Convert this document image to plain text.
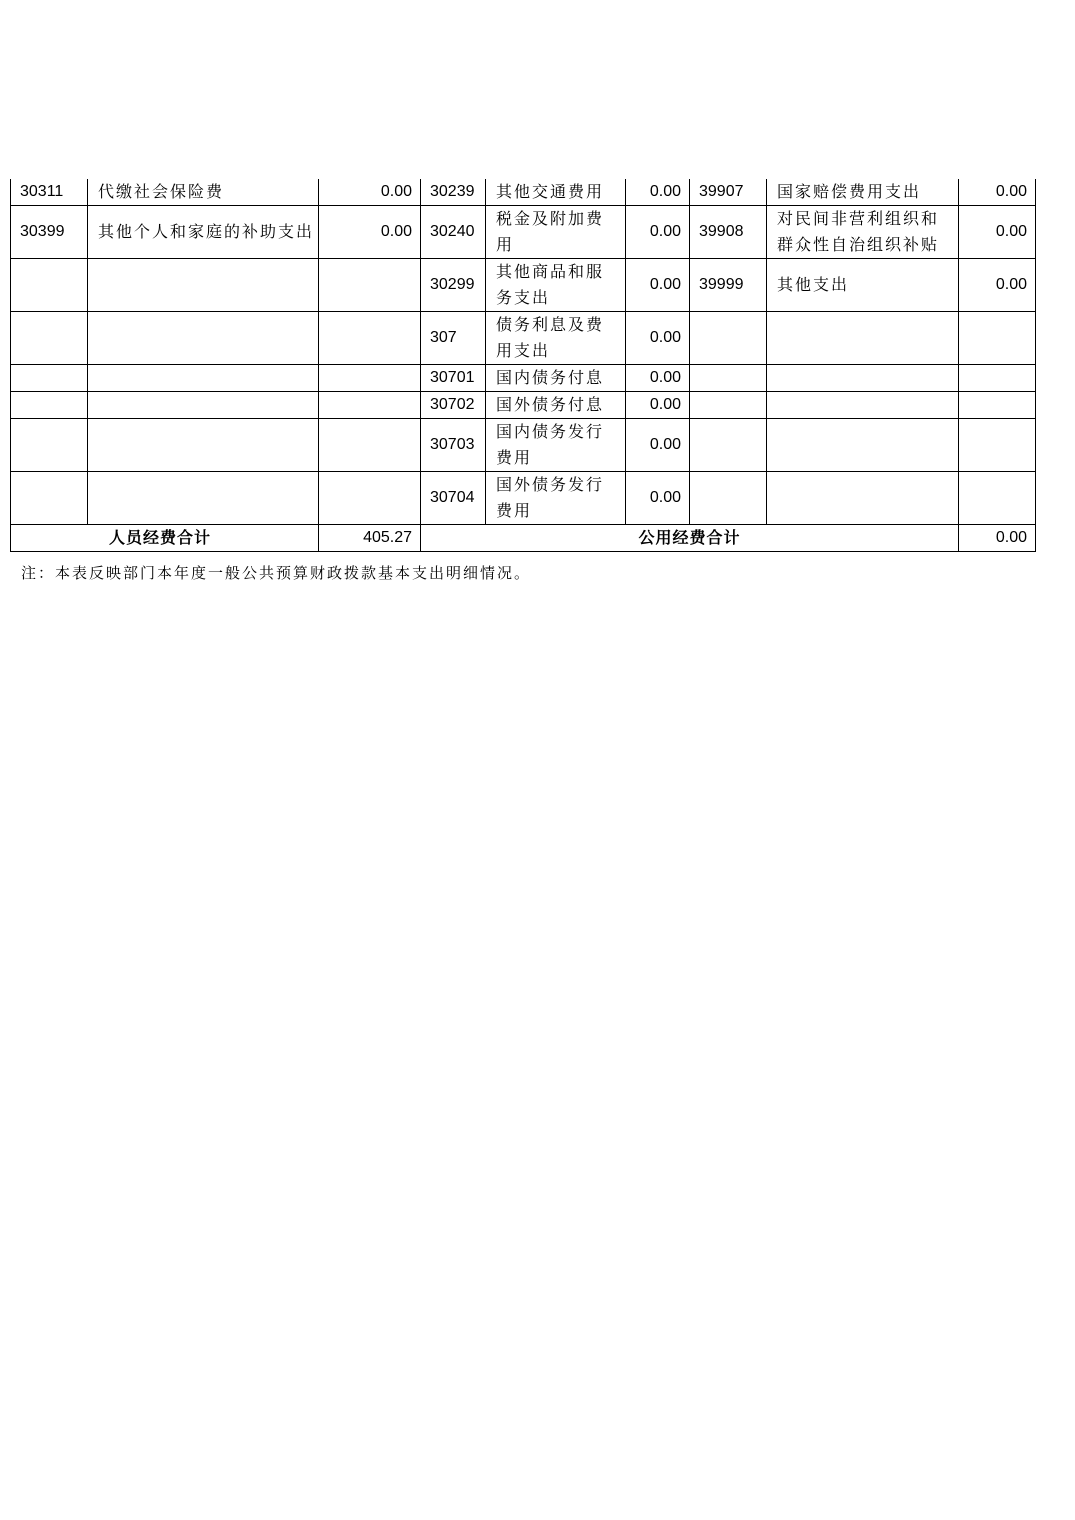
30311	代缴社会保险费	0.00	30239	其他交通费用	0.00	39907	国家赔偿费用支出	0.00
30399	其他个人和家庭的补助支出	0.00	30240	税金及附加费用	0.00	39908	对民间非营利组织和群众性自治组织补贴	0.00
			30299	其他商品和服务支出	0.00	39999	其他支出	0.00
			307	债务利息及费用支出	0.00			
			30701	国内债务付息	0.00			
			30702	国外债务付息	0.00			
			30703	国内债务发行费用	0.00			
			30704	国外债务发行费用	0.00			
人员经费合计		405.27	公用经费合计					0.00
注：本表反映部门本年度一般公共预算财政拨款基本支出明细情况。
